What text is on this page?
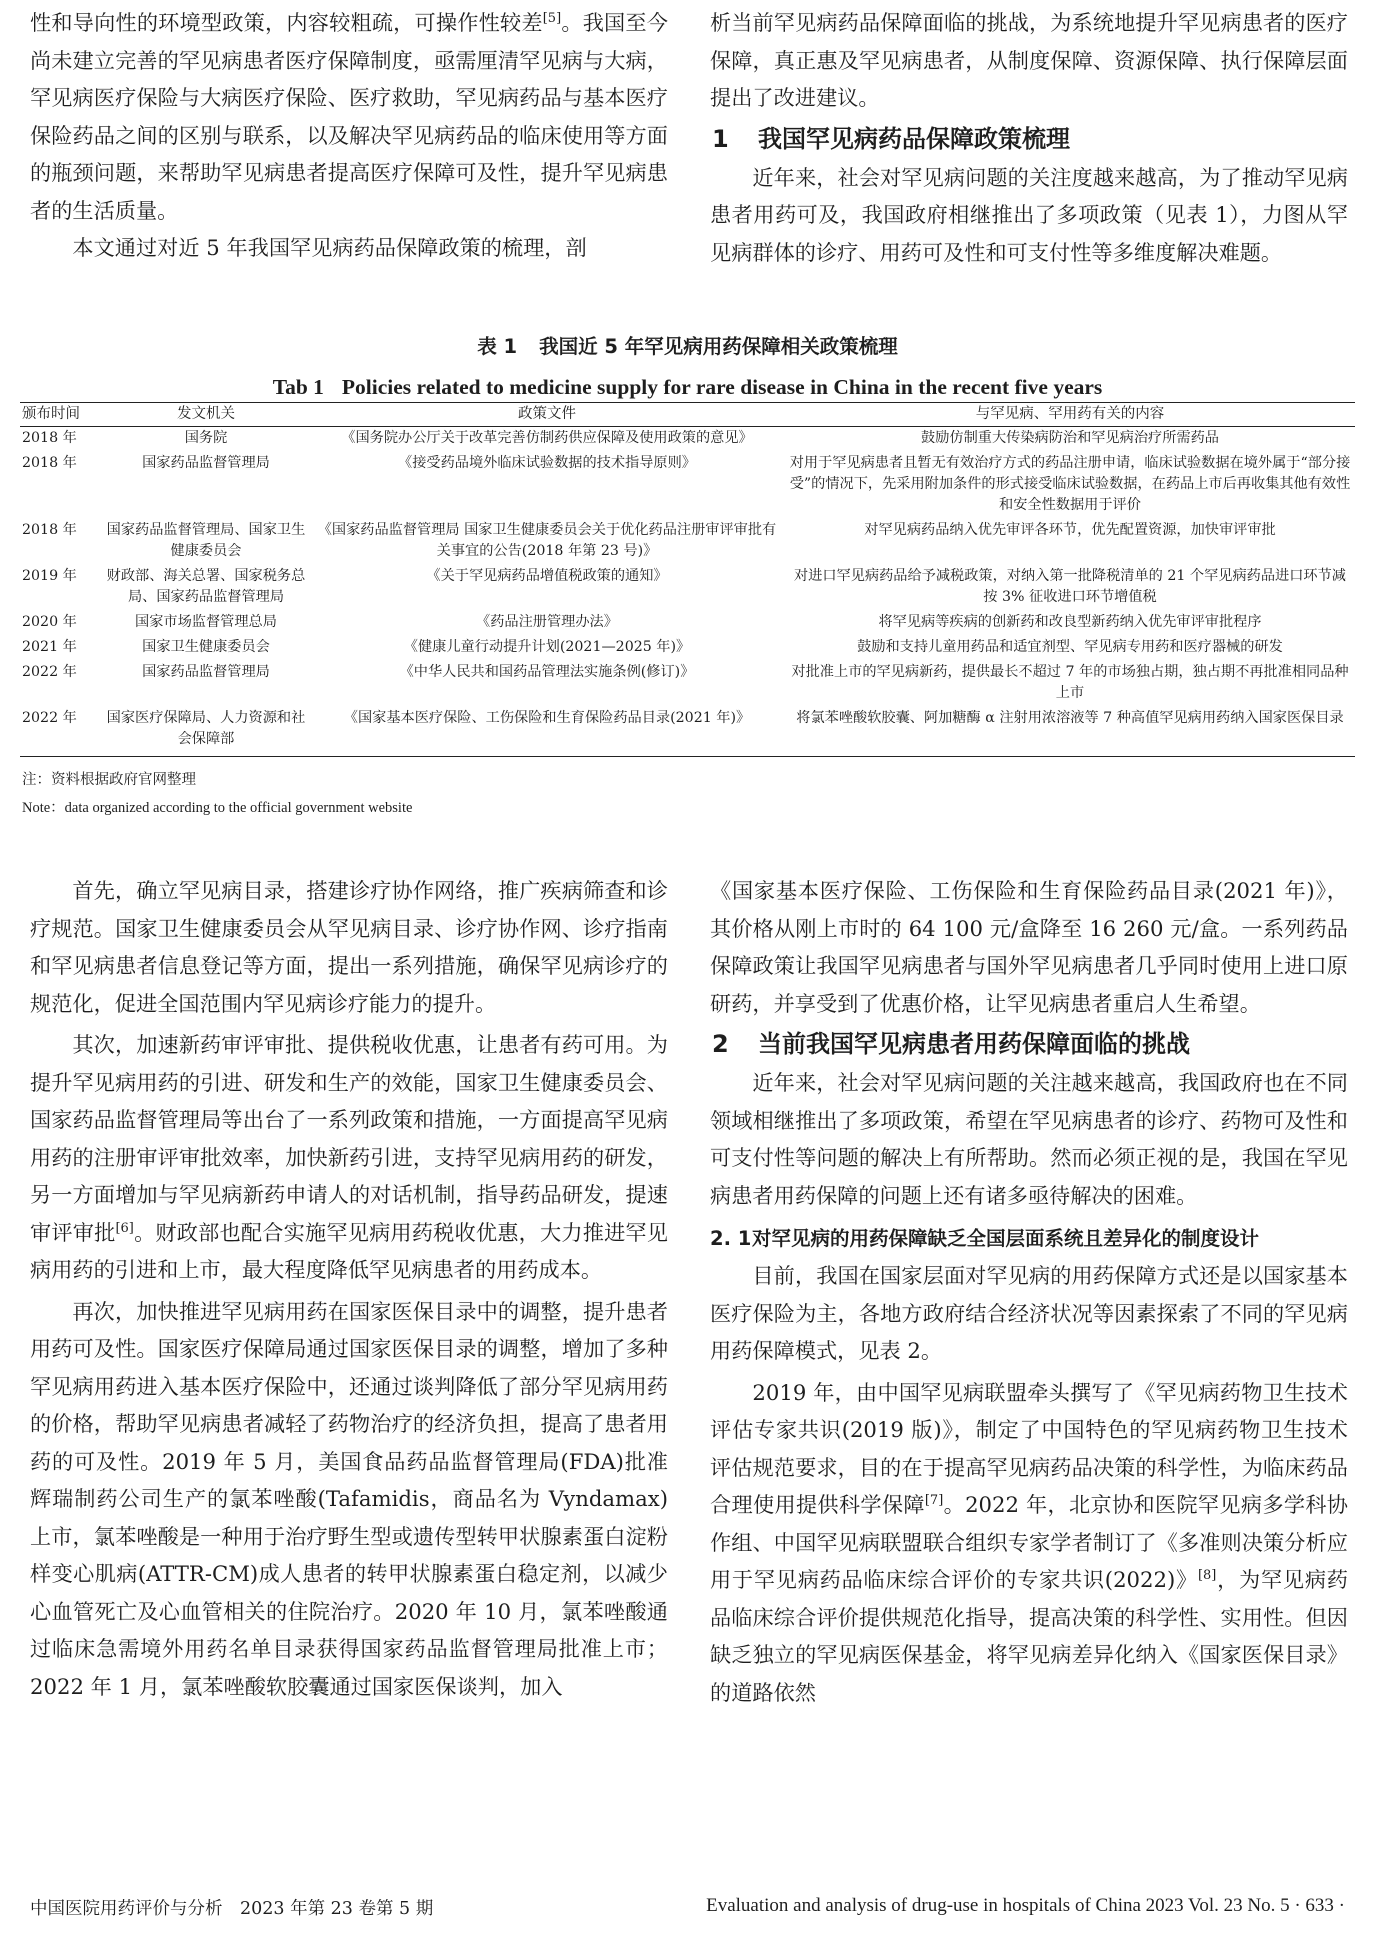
性和导向性的环境型政策，内容较粗疏，可操作性较差[5]。我国至今尚未建立完善的罕见病患者医疗保障制度，亟需厘清罕见病与大病，罕见病医疗保险与大病医疗保险、医疗救助，罕见病药品与基本医疗保险药品之间的区别与联系，以及解决罕见病药品的临床使用等方面的瓶颈问题，来帮助罕见病患者提高医疗保障可及性，提升罕见病患者的生活质量。

本文通过对近 5 年我国罕见病药品保障政策的梳理，剖

析当前罕见病药品保障面临的挑战，为系统地提升罕见病患者的医疗保障，真正惠及罕见病患者，从制度保障、资源保障、执行保障层面提出了改进建议。

1 我国罕见病药品保障政策梳理

近年来，社会对罕见病问题的关注度越来越高，为了推动罕见病患者用药可及，我国政府相继推出了多项政策（见表 1），力图从罕见病群体的诊疗、用药可及性和可支付性等多维度解决难题。

表 1 我国近 5 年罕见病用药保障相关政策梳理
Tab 1 Policies related to medicine supply for rare disease in China in the recent five years
颁布时间	发文机关	政策文件	与罕见病、罕用药有关的内容
2018 年	国务院	《国务院办公厅关于改革完善仿制药供应保障及使用政策的意见》	鼓励仿制重大传染病防治和罕见病治疗所需药品
2018 年	国家药品监督管理局	《接受药品境外临床试验数据的技术指导原则》	对用于罕见病患者且暂无有效治疗方式的药品注册申请，临床试验数据在境外属于“部分接受”的情况下，先采用附加条件的形式接受临床试验数据，在药品上市后再收集其他有效性和安全性数据用于评价
2018 年	国家药品监督管理局、国家卫生健康委员会	《国家药品监督管理局 国家卫生健康委员会关于优化药品注册审评审批有关事宜的公告(2018 年第 23 号)》	对罕见病药品纳入优先审评各环节，优先配置资源，加快审评审批
2019 年	财政部、海关总署、国家税务总局、国家药品监督管理局	《关于罕见病药品增值税政策的通知》	对进口罕见病药品给予减税政策，对纳入第一批降税清单的 21 个罕见病药品进口环节减按 3% 征收进口环节增值税
2020 年	国家市场监督管理总局	《药品注册管理办法》	将罕见病等疾病的创新药和改良型新药纳入优先审评审批程序
2021 年	国家卫生健康委员会	《健康儿童行动提升计划(2021—2025 年)》	鼓励和支持儿童用药品和适宜剂型、罕见病专用药和医疗器械的研发
2022 年	国家药品监督管理局	《中华人民共和国药品管理法实施条例(修订)》	对批准上市的罕见病新药，提供最长不超过 7 年的市场独占期，独占期不再批准相同品种上市
2022 年	国家医疗保障局、人力资源和社会保障部	《国家基本医疗保险、工伤保险和生育保险药品目录(2021 年)》	将氯苯唑酸软胶囊、阿加糖酶 α 注射用浓溶液等 7 种高值罕见病用药纳入国家医保目录
注：资料根据政府官网整理
Note：data organized according to the official government website

首先，确立罕见病目录，搭建诊疗协作网络，推广疾病筛查和诊疗规范。国家卫生健康委员会从罕见病目录、诊疗协作网、诊疗指南和罕见病患者信息登记等方面，提出一系列措施，确保罕见病诊疗的规范化，促进全国范围内罕见病诊疗能力的提升。

其次，加速新药审评审批、提供税收优惠，让患者有药可用。为提升罕见病用药的引进、研发和生产的效能，国家卫生健康委员会、国家药品监督管理局等出台了一系列政策和措施，一方面提高罕见病用药的注册审评审批效率，加快新药引进，支持罕见病用药的研发，另一方面增加与罕见病新药申请人的对话机制，指导药品研发，提速审评审批[6]。财政部也配合实施罕见病用药税收优惠，大力推进罕见病用药的引进和上市，最大程度降低罕见病患者的用药成本。

再次，加快推进罕见病用药在国家医保目录中的调整，提升患者用药可及性。国家医疗保障局通过国家医保目录的调整，增加了多种罕见病用药进入基本医疗保险中，还通过谈判降低了部分罕见病用药的价格，帮助罕见病患者减轻了药物治疗的经济负担，提高了患者用药的可及性。2019 年 5 月，美国食品药品监督管理局(FDA)批准辉瑞制药公司生产的氯苯唑酸(Tafamidis，商品名为 Vyndamax)上市，氯苯唑酸是一种用于治疗野生型或遗传型转甲状腺素蛋白淀粉样变心肌病(ATTR-CM)成人患者的转甲状腺素蛋白稳定剂，以减少心血管死亡及心血管相关的住院治疗。2020 年 10 月，氯苯唑酸通过临床急需境外用药名单目录获得国家药品监督管理局批准上市；2022 年 1 月，氯苯唑酸软胶囊通过国家医保谈判，加入

《国家基本医疗保险、工伤保险和生育保险药品目录(2021 年)》，其价格从刚上市时的 64 100 元/盒降至 16 260 元/盒。一系列药品保障政策让我国罕见病患者与国外罕见病患者几乎同时使用上进口原研药，并享受到了优惠价格，让罕见病患者重启人生希望。

2 当前我国罕见病患者用药保障面临的挑战

近年来，社会对罕见病问题的关注越来越高，我国政府也在不同领域相继推出了多项政策，希望在罕见病患者的诊疗、药物可及性和可支付性等问题的解决上有所帮助。然而必须正视的是，我国在罕见病患者用药保障的问题上还有诸多亟待解决的困难。

2. 1对罕见病的用药保障缺乏全国层面系统且差异化的制度设计

目前，我国在国家层面对罕见病的用药保障方式还是以国家基本医疗保险为主，各地方政府结合经济状况等因素探索了不同的罕见病用药保障模式，见表 2。

2019 年，由中国罕见病联盟牵头撰写了《罕见病药物卫生技术评估专家共识(2019 版)》，制定了中国特色的罕见病药物卫生技术评估规范要求，目的在于提高罕见病药品决策的科学性，为临床药品合理使用提供科学保障[7]。2022 年，北京协和医院罕见病多学科协作组、中国罕见病联盟联合组织专家学者制订了《多准则决策分析应用于罕见病药品临床综合评价的专家共识(2022)》[8]，为罕见病药品临床综合评价提供规范化指导，提高决策的科学性、实用性。但因缺乏独立的罕见病医保基金，将罕见病差异化纳入《国家医保目录》的道路依然

中国医院用药评价与分析　2023 年第 23 卷第 5 期	Evaluation and analysis of drug-use in hospitals of China 2023 Vol. 23 No. 5 · 633 ·
